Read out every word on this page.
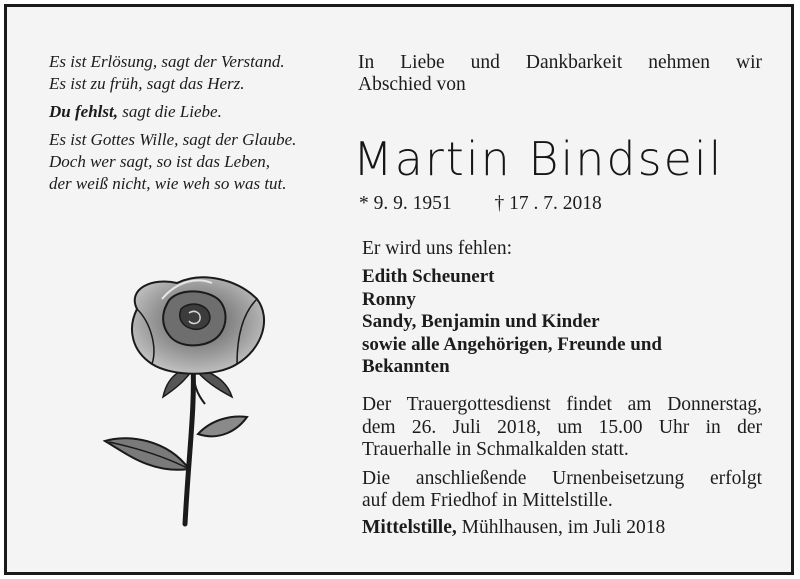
Es ist Erlösung, sagt der Verstand.
Es ist zu früh, sagt das Herz.
Du fehlst, sagt die Liebe.
Es ist Gottes Wille, sagt der Glaube.
Doch wer sagt, so ist das Leben,
der weiß nicht, wie weh so was tut.
In Liebe und Dankbarkeit nehmen wir
Abschied von
Martin Bindseil
* 9. 9. 1951 † 17 . 7. 2018
Er wird uns fehlen:
Edith Scheunert
Ronny
Sandy, Benjamin und Kinder
sowie alle Angehörigen, Freunde und
Bekannten

Der Trauergottesdienst findet am Donnerstag,
dem 26. Juli 2018, um 15.00 Uhr in der
Trauerhalle in Schmalkalden statt.

Die anschließende Urnenbeisetzung erfolgt
auf dem Friedhof in Mittelstille.

Mittelstille, Mühlhausen, im Juli 2018
